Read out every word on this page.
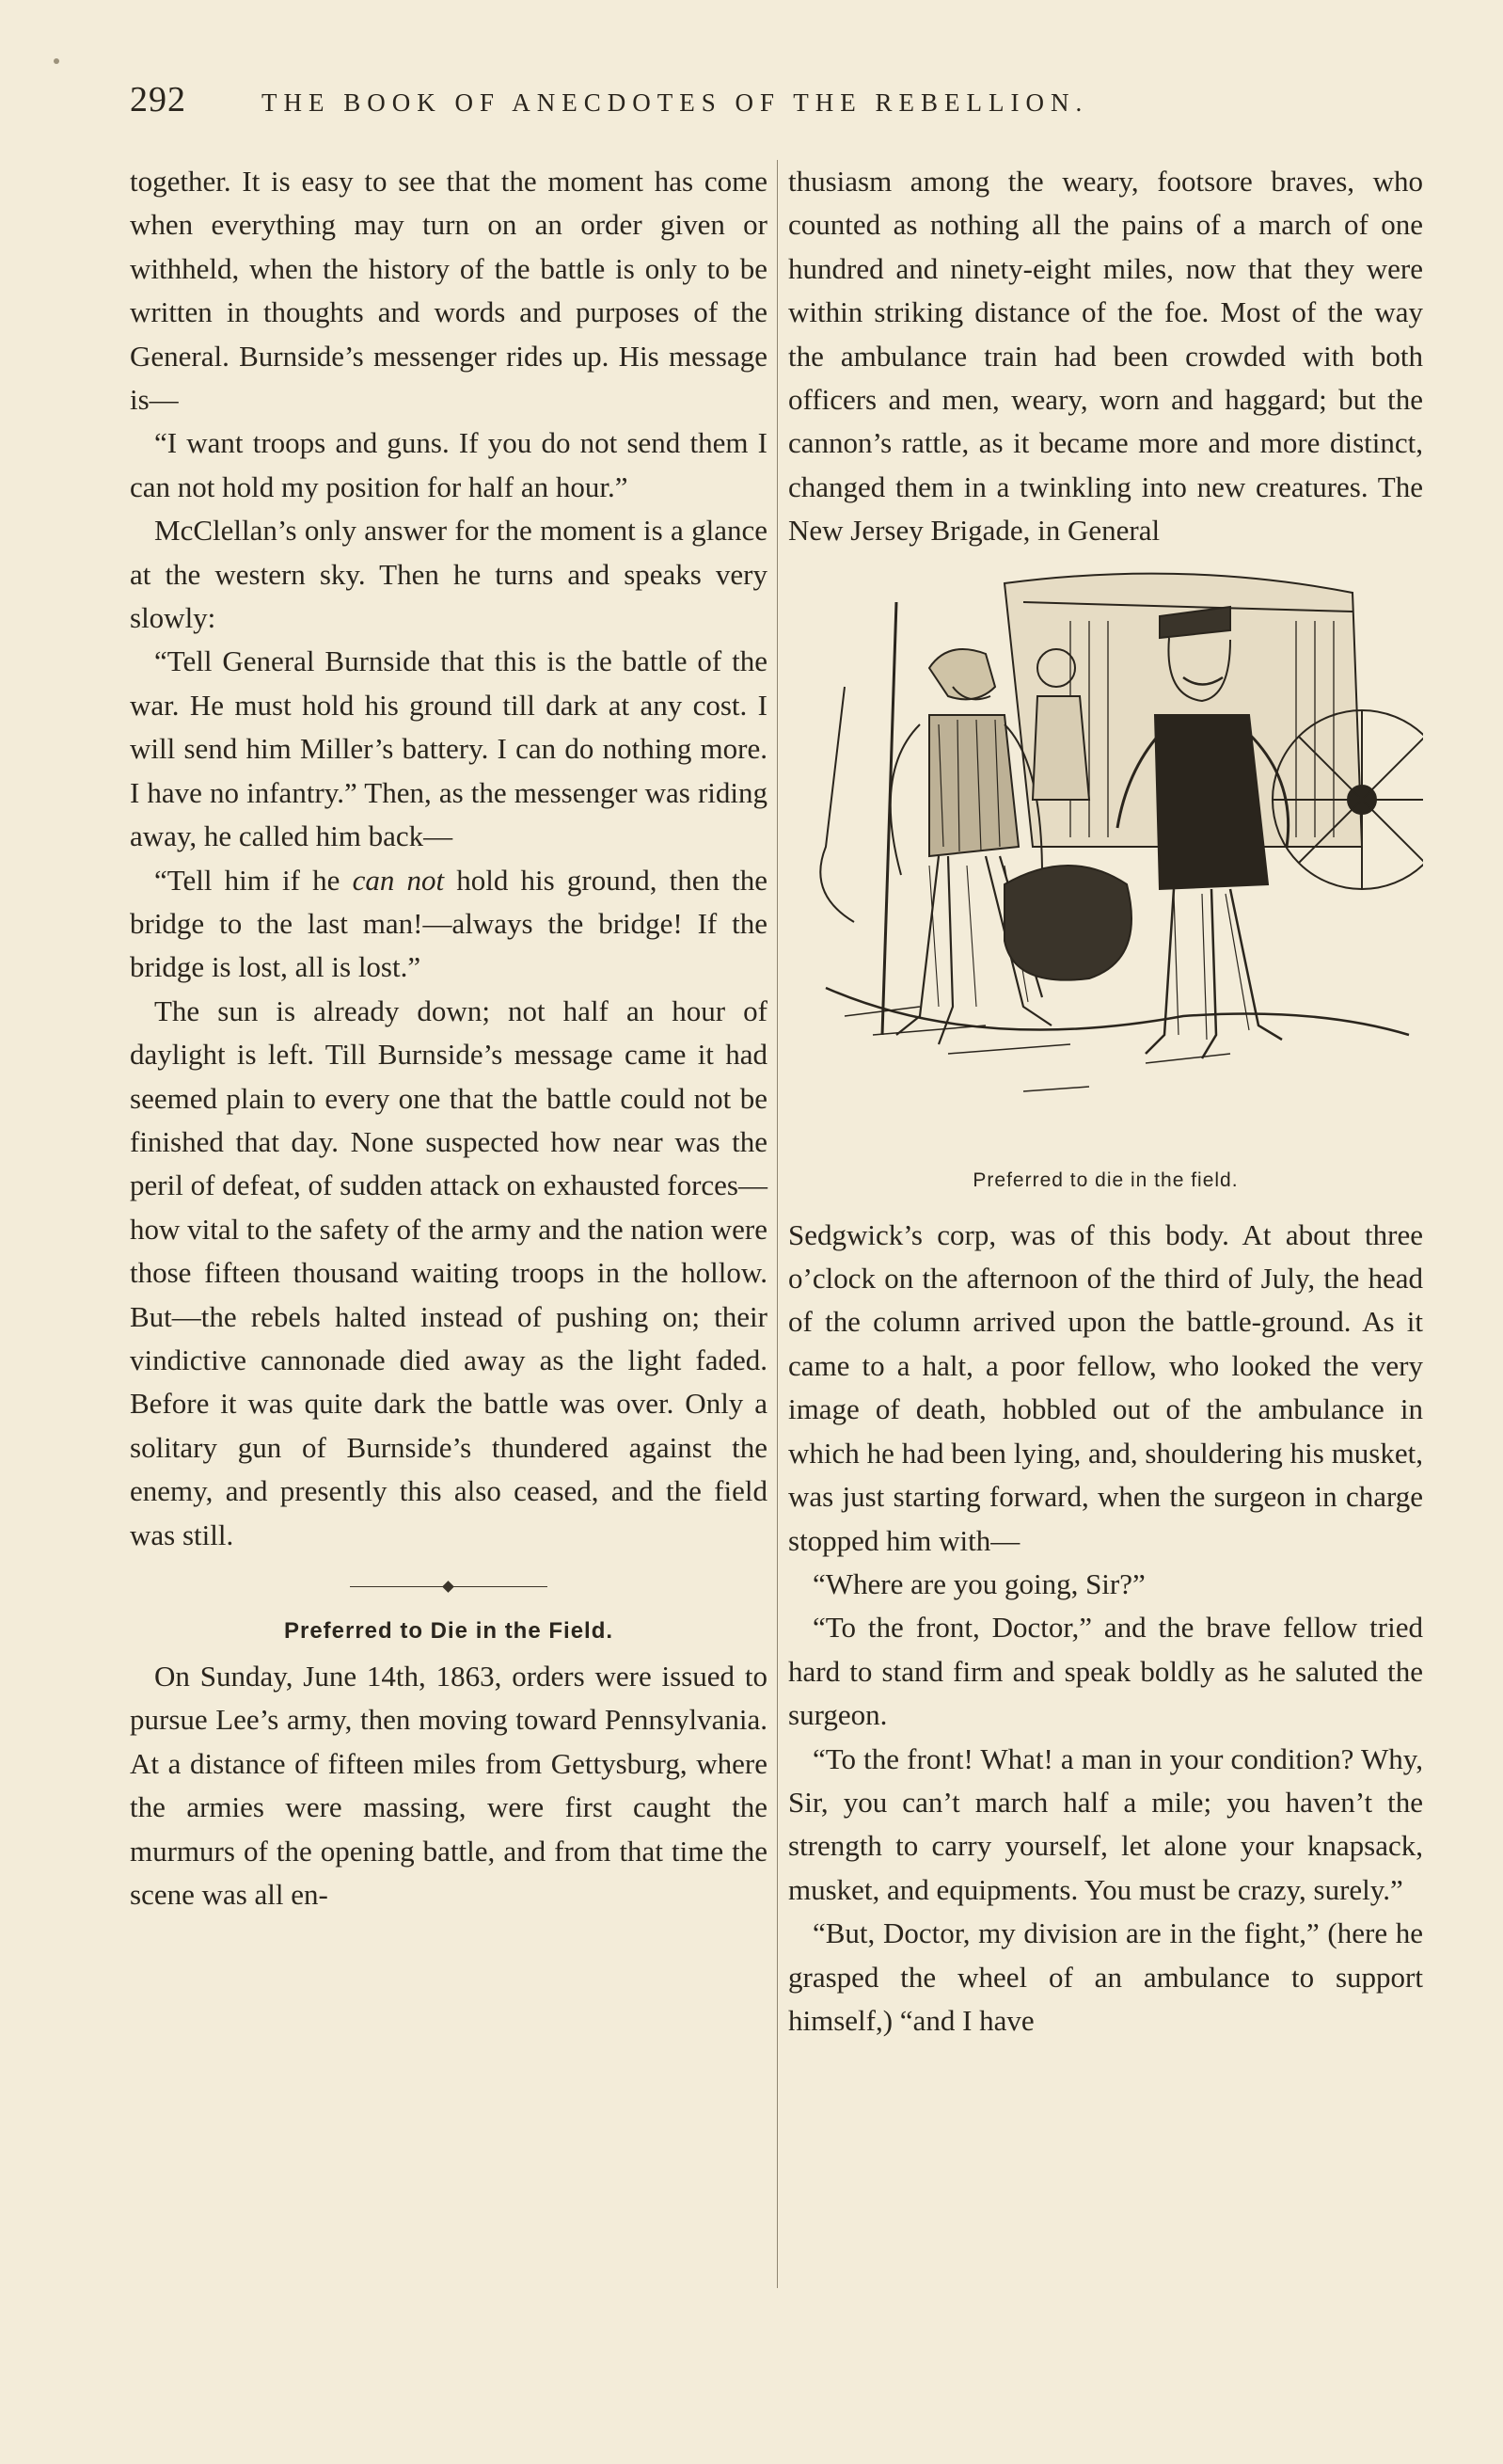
292	THE BOOK OF ANECDOTES OF THE REBELLION.

together. It is easy to see that the moment has come when everything may turn on an order given or withheld, when the history of the battle is only to be written in thoughts and words and purposes of the General. Burnside’s messenger rides up. His message is—

“I want troops and guns. If you do not send them I can not hold my position for half an hour.”

McClellan’s only answer for the moment is a glance at the western sky. Then he turns and speaks very slowly:

“Tell General Burnside that this is the battle of the war. He must hold his ground till dark at any cost. I will send him Miller’s battery. I can do nothing more. I have no infantry.” Then, as the messenger was riding away, he called him back—

“Tell him if he can not hold his ground, then the bridge to the last man!—always the bridge! If the bridge is lost, all is lost.”

The sun is already down; not half an hour of daylight is left. Till Burnside’s message came it had seemed plain to every one that the battle could not be finished that day. None suspected how near was the peril of defeat, of sudden attack on exhausted forces—how vital to the safety of the army and the nation were those fifteen thousand waiting troops in the hollow. But—the rebels halted instead of pushing on; their vindictive cannonade died away as the light faded. Before it was quite dark the battle was over. Only a solitary gun of Burnside’s thundered against the enemy, and presently this also ceased, and the field was still.

Preferred to Die in the Field.

On Sunday, June 14th, 1863, orders were issued to pursue Lee’s army, then moving toward Pennsylvania. At a distance of fifteen miles from Gettysburg, where the armies were massing, were first caught the murmurs of the opening battle, and from that time the scene was all en-

thusiasm among the weary, footsore braves, who counted as nothing all the pains of a march of one hundred and ninety-eight miles, now that they were within striking distance of the foe. Most of the way the ambulance train had been crowded with both officers and men, weary, worn and haggard; but the cannon’s rattle, as it became more and more distinct, changed them in a twinkling into new creatures. The New Jersey Brigade, in General

Preferred to die in the field.

Sedgwick’s corp, was of this body. At about three o’clock on the afternoon of the third of July, the head of the column arrived upon the battle-ground. As it came to a halt, a poor fellow, who looked the very image of death, hobbled out of the ambulance in which he had been lying, and, shouldering his musket, was just starting forward, when the surgeon in charge stopped him with—

“Where are you going, Sir?”

“To the front, Doctor,” and the brave fellow tried hard to stand firm and speak boldly as he saluted the surgeon.

“To the front! What! a man in your condition? Why, Sir, you can’t march half a mile; you haven’t the strength to carry yourself, let alone your knapsack, musket, and equipments. You must be crazy, surely.”

“But, Doctor, my division are in the fight,” (here he grasped the wheel of an ambulance to support himself,) “and I have
